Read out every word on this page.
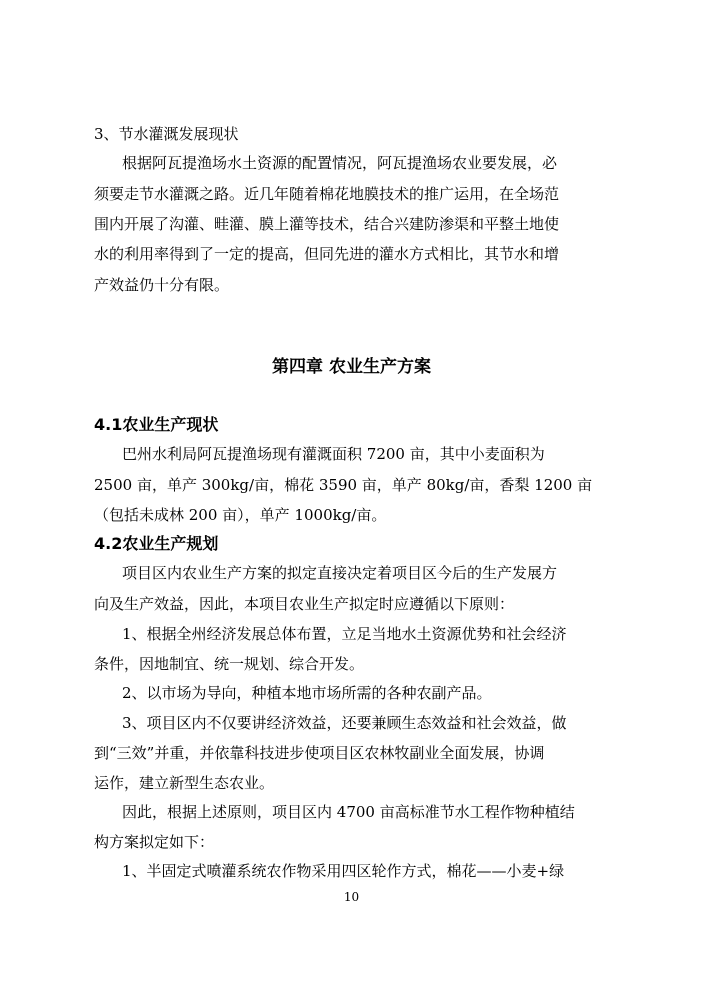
3、节水灌溉发展现状
根据阿瓦提渔场水土资源的配置情况，阿瓦提渔场农业要发展，必
须要走节水灌溉之路。近几年随着棉花地膜技术的推广运用，在全场范
围内开展了沟灌、畦灌、膜上灌等技术，结合兴建防渗渠和平整土地使
水的利用率得到了一定的提高，但同先进的灌水方式相比，其节水和增
产效益仍十分有限。
第四章 农业生产方案
4.1农业生产现状
巴州水利局阿瓦提渔场现有灌溉面积 7200 亩，其中小麦面积为
2500 亩，单产 300kg/亩，棉花 3590 亩，单产 80kg/亩，香梨 1200 亩
（包括未成林 200 亩），单产 1000kg/亩。
4.2农业生产规划
项目区内农业生产方案的拟定直接决定着项目区今后的生产发展方
向及生产效益，因此，本项目农业生产拟定时应遵循以下原则：
1、根据全州经济发展总体布置，立足当地水土资源优势和社会经济
条件，因地制宜、统一规划、综合开发。
2、以市场为导向，种植本地市场所需的各种农副产品。
3、项目区内不仅要讲经济效益，还要兼顾生态效益和社会效益，做
到“三效”并重，并依靠科技进步使项目区农林牧副业全面发展，协调
运作，建立新型生态农业。
因此，根据上述原则，项目区内 4700 亩高标准节水工程作物种植结
构方案拟定如下：
1、半固定式喷灌系统农作物采用四区轮作方式，棉花——小麦+绿
10
